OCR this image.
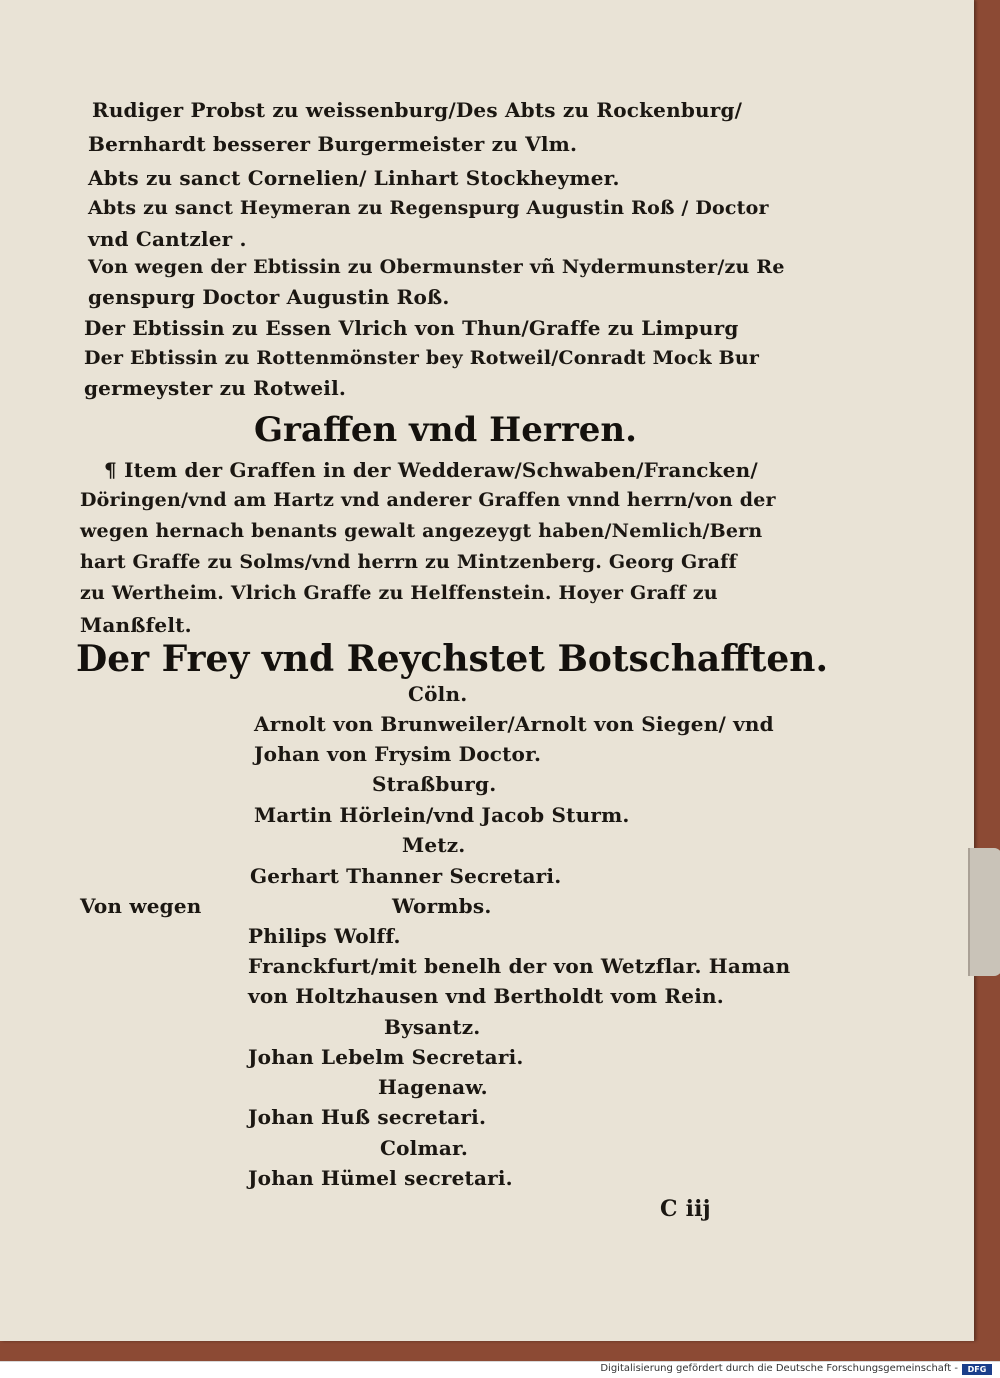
Rudiger Probst zu weissenburg/Des Abts zu Rockenburg/
Bernhardt besserer Burgermeister zu Vlm.
Abts zu sanct Cornelien/ Linhart Stockheymer.
Abts zu sanct Heymeran zu Regenspurg Augustin Roß / Doctor
vnd Cantzler .
Von wegen der Ebtissin zu Obermunster vñ Nydermunster/zu Re
genspurg Doctor Augustin Roß.
Der Ebtissin zu Essen Vlrich von Thun/Graffe zu Limpurg
Der Ebtissin zu Rottenmönster bey Rotweil/Conradt Mock Bur
germeyster zu Rotweil.
Graffen vnd Herren.
¶ Item der Graffen in der Wedderaw/Schwaben/Francken/
Döringen/vnd am Hartz vnd anderer Graffen vnnd herrn/von der
wegen hernach benants gewalt angezeygt haben/Nemlich/Bern
hart Graffe zu Solms/vnd herrn zu Mintzenberg. Georg Graff
zu Wertheim. Vlrich Graffe zu Helffenstein. Hoyer Graff zu
Manßfelt.
Der Frey vnd Reychstet Botschafften.
Cöln.
Arnolt von Brunweiler/Arnolt von Siegen/ vnd
Johan von Frysim Doctor.
Straßburg.
Martin Hörlein/vnd Jacob Sturm.
Metz.
Gerhart Thanner Secretari.
Von wegen	Wormbs.
Philips Wolff.
Franckfurt/mit benelh der von Wetzflar. Haman
von Holtzhausen vnd Bertholdt vom Rein.
Bysantz.
Johan Lebelm Secretari.
Hagenaw.
Johan Huß secretari.
Colmar.
Johan Hümel secretari.
C iij
Digitalisierung gefördert durch die Deutsche Forschungsgemeinschaft -	DFG
